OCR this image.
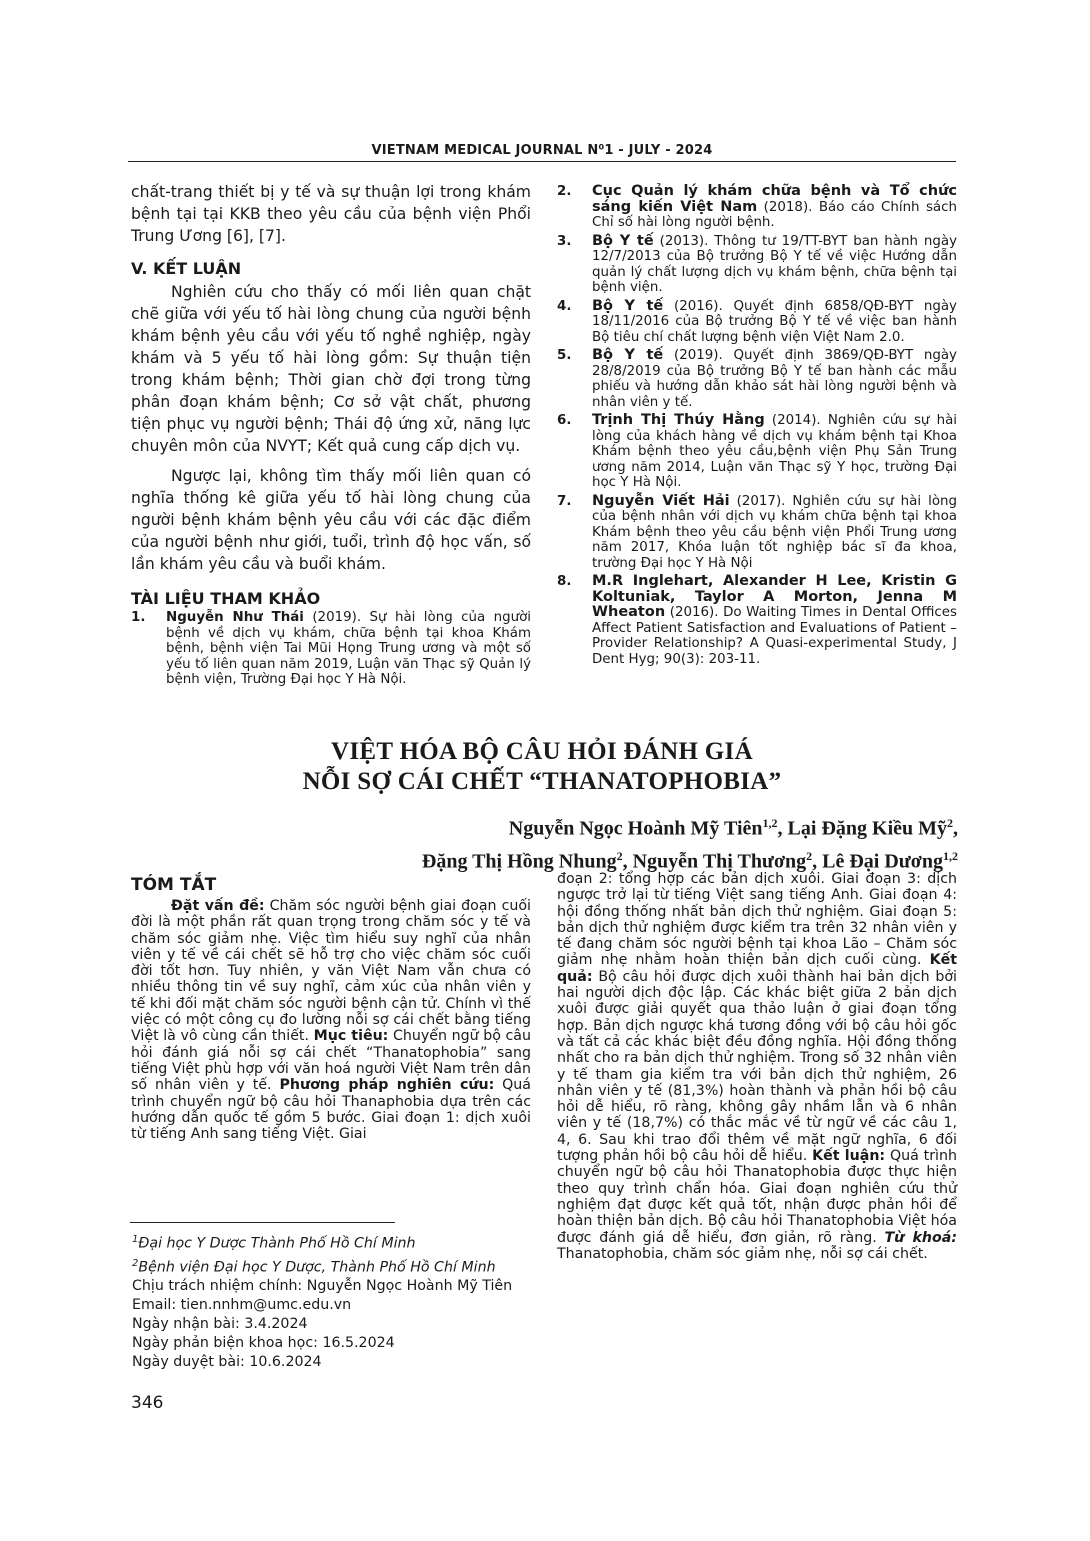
VIETNAM MEDICAL JOURNAL N⁰1 - JULY - 2024

chất-trang thiết bị y tế và sự thuận lợi trong khám bệnh tại tại KKB theo yêu cầu của bệnh viện Phổi Trung Ương [6], [7].

V. KẾT LUẬN

Nghiên cứu cho thấy có mối liên quan chặt chẽ giữa với yếu tố hài lòng chung của người bệnh khám bệnh yêu cầu với yếu tố nghề nghiệp, ngày khám và 5 yếu tố hài lòng gồm: Sự thuận tiện trong khám bệnh; Thời gian chờ đợi trong từng phân đoạn khám bệnh; Cơ sở vật chất, phương tiện phục vụ người bệnh; Thái độ ứng xử, năng lực chuyên môn của NVYT; Kết quả cung cấp dịch vụ.

Ngược lại, không tìm thấy mối liên quan có nghĩa thống kê giữa yếu tố hài lòng chung của người bệnh khám bệnh yêu cầu với các đặc điểm của người bệnh như giới, tuổi, trình độ học vấn, số lần khám yêu cầu và buổi khám.

TÀI LIỆU THAM KHẢO

1.	Nguyễn Như Thái (2019). Sự hài lòng của người bệnh về dịch vụ khám, chữa bệnh tại khoa Khám bệnh, bệnh viện Tai Mũi Họng Trung ương và một số yếu tố liên quan năm 2019, Luận văn Thạc sỹ Quản lý bệnh viện, Trường Đại học Y Hà Nội.
2.	Cục Quản lý khám chữa bệnh và Tổ chức sáng kiến Việt Nam (2018). Báo cáo Chính sách Chỉ số hài lòng người bệnh.
3.	Bộ Y tế (2013). Thông tư 19/TT-BYT ban hành ngày 12/7/2013 của Bộ trưởng Bộ Y tế về việc Hướng dẫn quản lý chất lượng dịch vụ khám bệnh, chữa bệnh tại bệnh viện.
4.	Bộ Y tế (2016). Quyết định 6858/QĐ-BYT ngày 18/11/2016 của Bộ trưởng Bộ Y tế về việc ban hành Bộ tiêu chí chất lượng bệnh viện Việt Nam 2.0.
5.	Bộ Y tế (2019). Quyết định 3869/QĐ-BYT ngày 28/8/2019 của Bộ trưởng Bộ Y tế ban hành các mẫu phiếu và hướng dẫn khảo sát hài lòng người bệnh và nhân viên y tế.
6.	Trịnh Thị Thúy Hằng (2014). Nghiên cứu sự hài lòng của khách hàng về dịch vụ khám bệnh tại Khoa Khám bệnh theo yêu cầu,bệnh viện Phụ Sản Trung ương năm 2014, Luận văn Thạc sỹ Y học, trường Đại học Y Hà Nội.
7.	Nguyễn Viết Hải (2017). Nghiên cứu sự hài lòng của bệnh nhân với dịch vụ khám chữa bệnh tại khoa Khám bệnh theo yêu cầu bệnh viện Phổi Trung ương năm 2017, Khóa luận tốt nghiệp bác sĩ đa khoa, trường Đại học Y Hà Nội
8.	M.R Inglehart, Alexander H Lee, Kristin G Koltuniak, Taylor A Morton, Jenna M Wheaton (2016). Do Waiting Times in Dental Offices Affect Patient Satisfaction and Evaluations of Patient – Provider Relationship? A Quasi-experimental Study, J Dent Hyg; 90(3): 203-11.
VIỆT HÓA BỘ CÂU HỎI ĐÁNH GIÁ
NỖI SỢ CÁI CHẾT “THANATOPHOBIA”
Nguyễn Ngọc Hoành Mỹ Tiên$^{1,2}$, Lại Đặng Kiều Mỹ$^2$,
Đặng Thị Hồng Nhung$^2$, Nguyễn Thị Thương$^2$, Lê Đại Dương$^{1,2}$

TÓM TẮT

Đặt vấn đề: Chăm sóc người bệnh giai đoạn cuối đời là một phần rất quan trọng trong chăm sóc y tế và chăm sóc giảm nhẹ. Việc tìm hiểu suy nghĩ của nhân viên y tế về cái chết sẽ hỗ trợ cho việc chăm sóc cuối đời tốt hơn. Tuy nhiên, y văn Việt Nam vẫn chưa có nhiều thông tin về suy nghĩ, cảm xúc của nhân viên y tế khi đối mặt chăm sóc người bệnh cận tử. Chính vì thế việc có một công cụ đo lường nỗi sợ cái chết bằng tiếng Việt là vô cùng cần thiết. Mục tiêu: Chuyển ngữ bộ câu hỏi đánh giá nỗi sợ cái chết “Thanatophobia” sang tiếng Việt phù hợp với văn hoá người Việt Nam trên dân số nhân viên y tế. Phương pháp nghiên cứu: Quá trình chuyển ngữ bộ câu hỏi Thanaphobia dựa trên các hướng dẫn quốc tế gồm 5 bước. Giai đoạn 1: dịch xuôi từ tiếng Anh sang tiếng Việt. Giai

đoạn 2: tổng hợp các bản dịch xuôi. Giai đoạn 3: dịch ngược trở lại từ tiếng Việt sang tiếng Anh. Giai đoạn 4: hội đồng thống nhất bản dịch thử nghiệm. Giai đoạn 5: bản dịch thử nghiệm được kiểm tra trên 32 nhân viên y tế đang chăm sóc người bệnh tại khoa Lão – Chăm sóc giảm nhẹ nhằm hoàn thiện bản dịch cuối cùng. Kết quả: Bộ câu hỏi được dịch xuôi thành hai bản dịch bởi hai người dịch độc lập. Các khác biệt giữa 2 bản dịch xuôi được giải quyết qua thảo luận ở giai đoạn tổng hợp. Bản dịch ngược khá tương đồng với bộ câu hỏi gốc và tất cả các khác biệt đều đồng nghĩa. Hội đồng thống nhất cho ra bản dịch thử nghiệm. Trong số 32 nhân viên y tế tham gia kiểm tra với bản dịch thử nghiệm, 26 nhân viên y tế (81,3%) hoàn thành và phản hồi bộ câu hỏi dễ hiểu, rõ ràng, không gây nhầm lẫn và 6 nhân viên y tế (18,7%) có thắc mắc về từ ngữ về các câu 1, 4, 6. Sau khi trao đổi thêm về mặt ngữ nghĩa, 6 đối tượng phản hồi bộ câu hỏi dễ hiểu. Kết luận: Quá trình chuyển ngữ bộ câu hỏi Thanatophobia được thực hiện theo quy trình chẩn hóa. Giai đoạn nghiên cứu thử nghiệm đạt được kết quả tốt, nhận được phản hồi để hoàn thiện bản dịch. Bộ câu hỏi Thanatophobia Việt hóa được đánh giá dễ hiểu, đơn giản, rõ ràng. Từ khoá: Thanatophobia, chăm sóc giảm nhẹ, nỗi sợ cái chết.

$^1$Đại học Y Dược Thành Phố Hồ Chí Minh
$^2$Bệnh viện Đại học Y Dược, Thành Phố Hồ Chí Minh
Chịu trách nhiệm chính: Nguyễn Ngọc Hoành Mỹ Tiên
Email: tien.nnhm@umc.edu.vn
Ngày nhận bài: 3.4.2024
Ngày phản biện khoa học: 16.5.2024
Ngày duyệt bài: 10.6.2024
346
